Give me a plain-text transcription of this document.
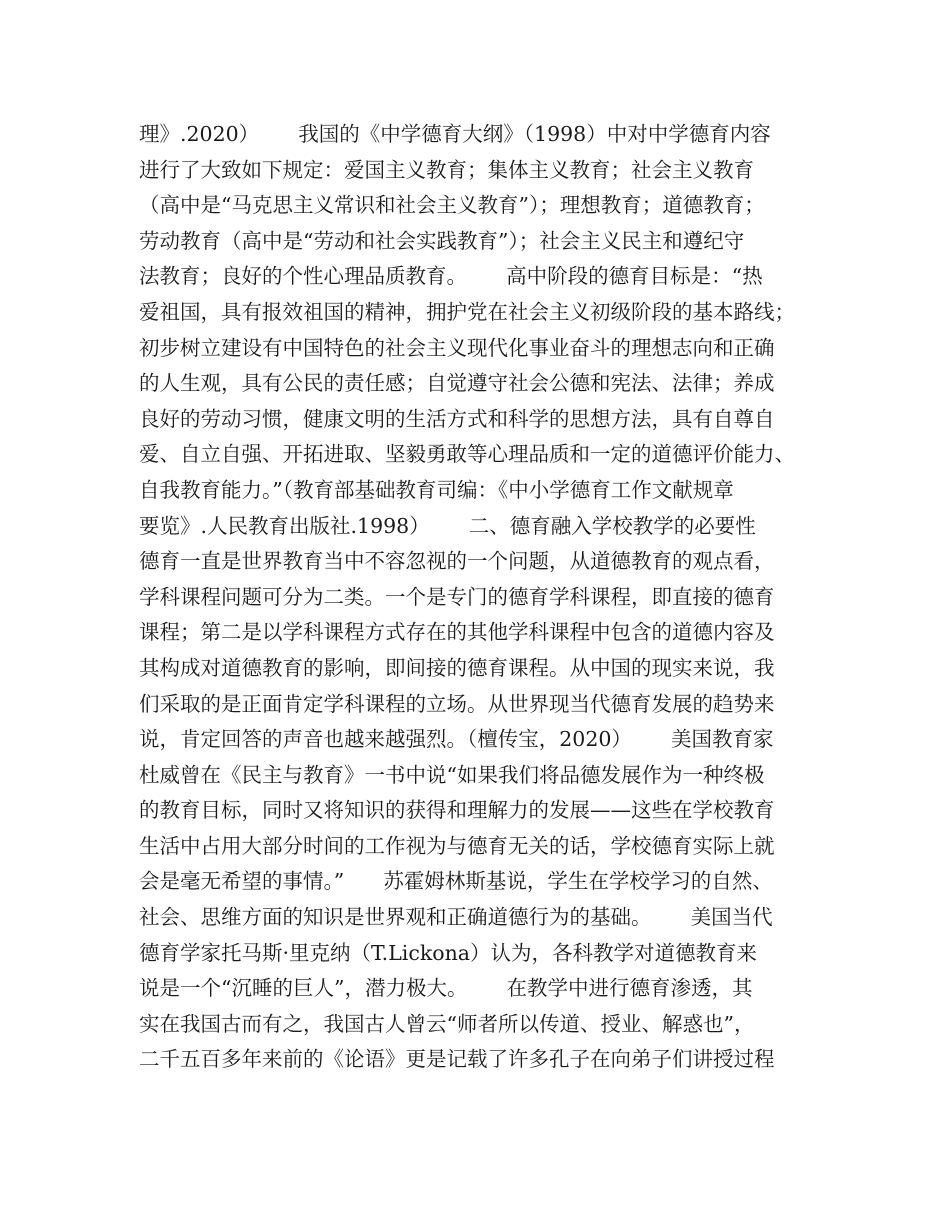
理》.2020）      我国的《中学德育大纲》（1998）中对中学德育内容
进行了大致如下规定：爱国主义教育；集体主义教育；社会主义教育
（高中是“马克思主义常识和社会主义教育”）；理想教育；道德教育；
劳动教育（高中是“劳动和社会实践教育”）；社会主义民主和遵纪守
法教育；良好的个性心理品质教育。      高中阶段的德育目标是：“热
爱祖国，具有报效祖国的精神，拥护党在社会主义初级阶段的基本路线；
初步树立建设有中国特色的社会主义现代化事业奋斗的理想志向和正确
的人生观，具有公民的责任感；自觉遵守社会公德和宪法、法律；养成
良好的劳动习惯，健康文明的生活方式和科学的思想方法，具有自尊自
爱、自立自强、开拓进取、坚毅勇敢等心理品质和一定的道德评价能力、
自我教育能力。”（教育部基础教育司编：《中小学德育工作文献规章
要览》.人民教育出版社.1998）      二、德育融入学校教学的必要性
德育一直是世界教育当中不容忽视的一个问题，从道德教育的观点看，
学科课程问题可分为二类。一个是专门的德育学科课程，即直接的德育
课程；第二是以学科课程方式存在的其他学科课程中包含的道德内容及
其构成对道德教育的影响，即间接的德育课程。从中国的现实来说，我
们采取的是正面肯定学科课程的立场。从世界现当代德育发展的趋势来
说，肯定回答的声音也越来越强烈。（檀传宝，2020）      美国教育家
杜威曾在《民主与教育》一书中说“如果我们将品德发展作为一种终极
的教育目标，同时又将知识的获得和理解力的发展——这些在学校教育
生活中占用大部分时间的工作视为与德育无关的话，学校德育实际上就
会是毫无希望的事情。”      苏霍姆林斯基说，学生在学校学习的自然、
社会、思维方面的知识是世界观和正确道德行为的基础。      美国当代
德育学家托马斯·里克纳（T.Lickona）认为，各科教学对道德教育来
说是一个“沉睡的巨人”，潜力极大。      在教学中进行德育渗透，其
实在我国古而有之，我国古人曾云“师者所以传道、授业、解惑也”，
二千五百多年来前的《论语》更是记载了许多孔子在向弟子们讲授过程
